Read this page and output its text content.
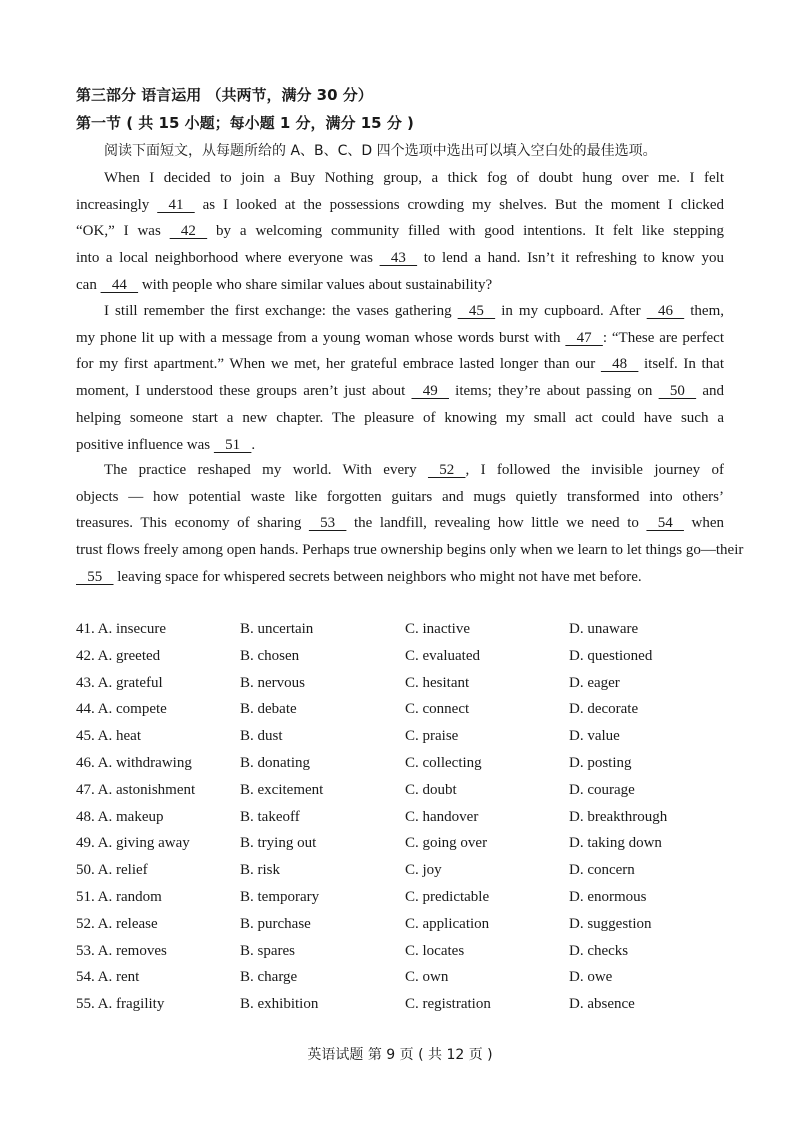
第三部分 语言运用 （共两节，满分 30 分）
第一节 ( 共 15 小题；每小题 1 分，满分 15 分 )
阅读下面短文，从每题所给的 A、B、C、D 四个选项中选出可以填入空白处的最佳选项。
When I decided to join a Buy Nothing group, a thick fog of doubt hung over me. I felt
increasingly    41    as I looked at the possessions crowding my shelves. But the moment I clicked
“OK,” I was    42    by a welcoming community filled with good intentions. It felt like stepping
into a local neighborhood where everyone was    43    to lend a hand. Isn’t it refreshing to know you
can    44    with people who share similar values about sustainability?
I still remember the first exchange: the vases gathering    45    in my cupboard. After    46    them,
my phone lit up with a message from a young woman whose words burst with    47   : “These are perfect
for my first apartment.” When we met, her grateful embrace lasted longer than our    48    itself. In that
moment, I understood these groups aren’t just about    49    items; they’re about passing on    50    and
helping someone start a new chapter. The pleasure of knowing my small act could have such a
positive influence was    51   .
The practice reshaped my world. With every    52   , I followed the invisible journey of
objects — how potential waste like forgotten guitars and mugs quietly transformed into others’
treasures. This economy of sharing    53    the landfill, revealing how little we need to    54    when
trust flows freely among open hands. Perhaps true ownership begins only when we learn to let things go—their
55    leaving space for whispered secrets between neighbors who might not have met before.
41. A. insecure	B. uncertain	C. inactive	D. unaware
42. A. greeted	B. chosen	C. evaluated	D. questioned
43. A. grateful	B. nervous	C. hesitant	D. eager
44. A. compete	B. debate	C. connect	D. decorate
45. A. heat	B. dust	C. praise	D. value
46. A. withdrawing	B. donating	C. collecting	D. posting
47. A. astonishment	B. excitement	C. doubt	D. courage
48. A. makeup	B. takeoff	C. handover	D. breakthrough
49. A. giving away	B. trying out	C. going over	D. taking down
50. A. relief	B. risk	C. joy	D. concern
51. A. random	B. temporary	C. predictable	D. enormous
52. A. release	B. purchase	C. application	D. suggestion
53. A. removes	B. spares	C. locates	D. checks
54. A. rent	B. charge	C. own	D. owe
55. A. fragility	B. exhibition	C. registration	D. absence
英语试题 第 9 页 ( 共 12 页 )
